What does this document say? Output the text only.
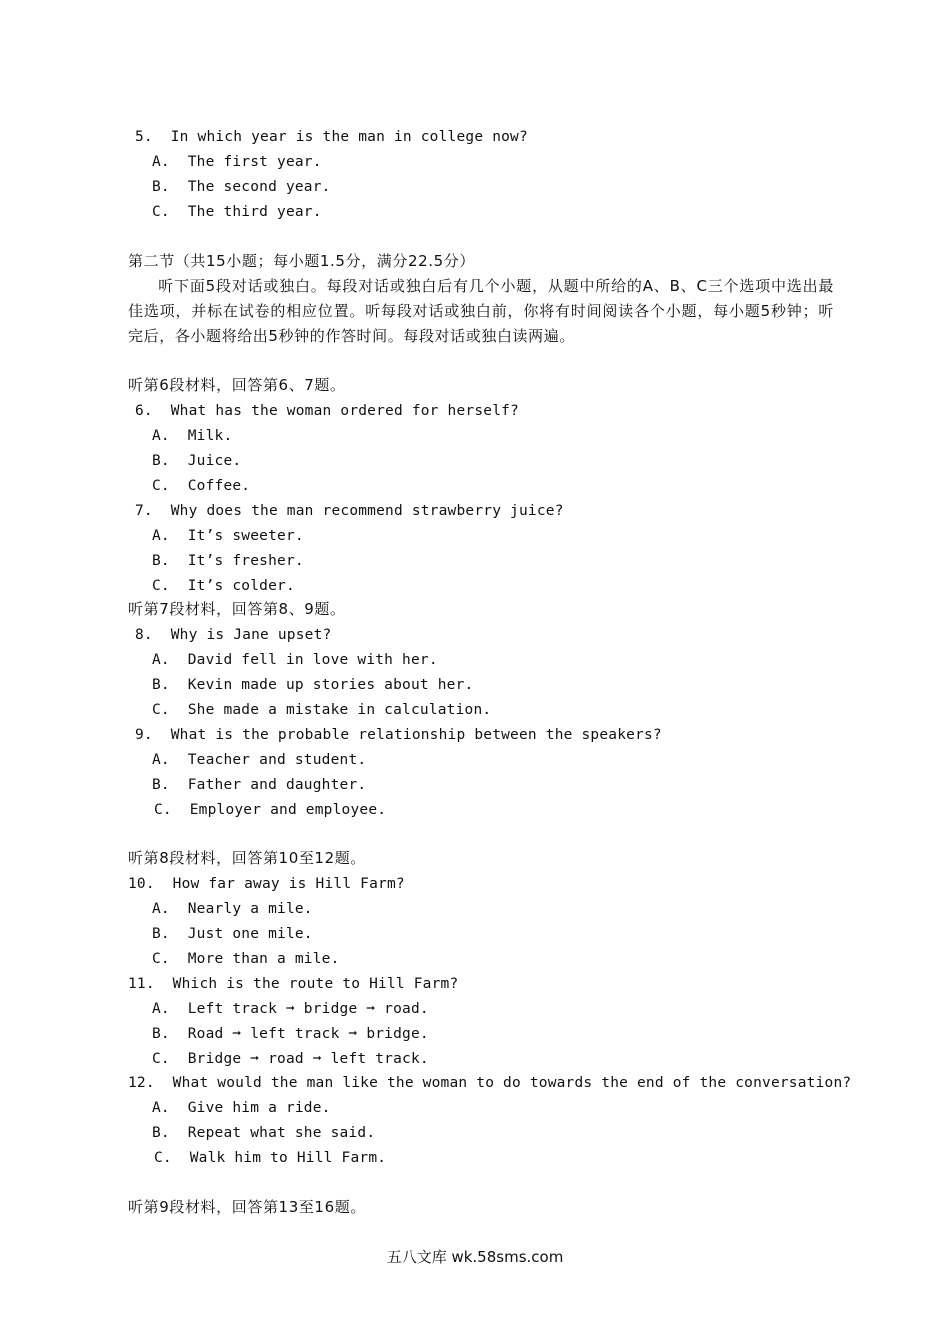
5.  In which year is the man in college now?
A.  The first year.
B.  The second year.
C.  The third year.
第二节（共15小题；每小题1.5分，满分22.5分）
听下面5段对话或独白。每段对话或独白后有几个小题，从题中所给的A、B、C三个选项中选出最佳选项，并标在试卷的相应位置。听每段对话或独白前，你将有时间阅读各个小题，每小题5秒钟；听完后，各小题将给出5秒钟的作答时间。每段对话或独白读两遍。
听第6段材料，回答第6、7题。
6.  What has the woman ordered for herself?
A.  Milk.
B.  Juice.
C.  Coffee.
7.  Why does the man recommend strawberry juice?
A.  It’s sweeter.
B.  It’s fresher.
C.  It’s colder.
听第7段材料，回答第8、9题。
8.  Why is Jane upset?
A.  David fell in love with her.
B.  Kevin made up stories about her.
C.  She made a mistake in calculation.
9.  What is the probable relationship between the speakers?
A.  Teacher and student.
B.  Father and daughter.
C.  Employer and employee.
听第8段材料，回答第10至12题。
10.  How far away is Hill Farm?
A.  Nearly a mile.
B.  Just one mile.
C.  More than a mile.
11.  Which is the route to Hill Farm?
A.  Left track ➞ bridge ➞ road.
B.  Road ➞ left track ➞ bridge.
C.  Bridge ➞ road ➞ left track.
12.  What would the man like the woman to do towards the end of the conversation?
A.  Give him a ride.
B.  Repeat what she said.
C.  Walk him to Hill Farm.
听第9段材料，回答第13至16题。
五八文库 wk.58sms.com
